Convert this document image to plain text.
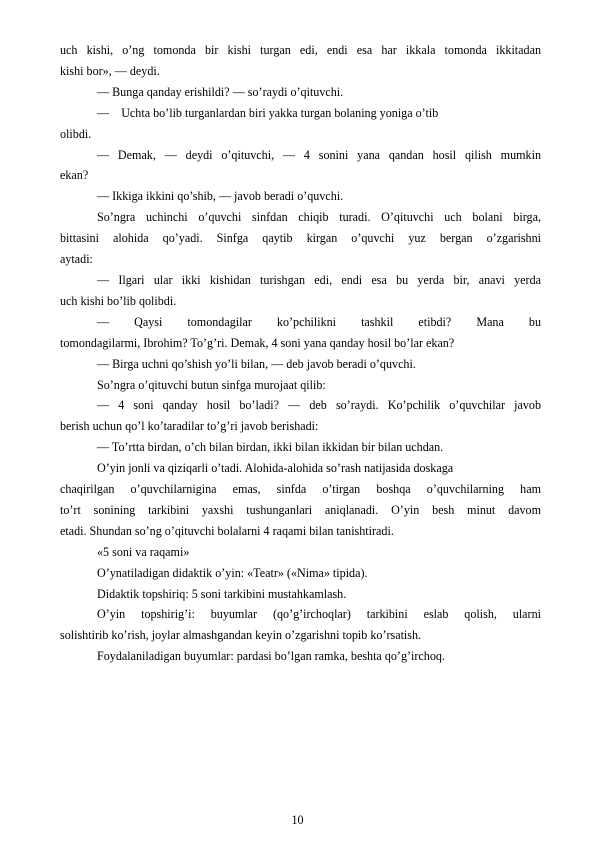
uch kishi, o’ng tomonda bir kishi turgan edi, endi esa har ikkala tomonda ikkitadan
kishi bor», — deydi.
— Bunga qanday erishildi? — so’raydi o’qituvchi.
—    Uchta bo’lib turganlardan biri yakka turgan bolaning yoniga o’tib
olibdi.
— Demak, — deydi o’qituvchi, — 4 sonini yana qandan hosil qilish mumkin
ekan?
— Ikkiga ikkini qo’shib, — javob beradi o’quvchi.
So’ngra uchinchi o’quvchi sinfdan chiqib turadi. O’qituvchi uch bolani birga,
bittasini alohida qo’yadi. Sinfga qaytib kirgan o’quvchi yuz bergan o’zgarishni
aytadi:
— Ilgari ular ikki kishidan turishgan edi, endi esa bu yerda bir, anavi yerda
uch kishi bo’lib qolibdi.
— Qaysi tomondagilar ko’pchilikni tashkil etibdi? Mana bu
tomondagilarmi, Ibrohim? To’g’ri. Demak, 4 soni yana qanday hosil bo’lar ekan?
— Birga uchni qo’shish yo’li bilan, — deb javob beradi o’quvchi.
So’ngra o’qituvchi butun sinfga murojaat qilib:
— 4 soni qanday hosil bo’ladi? — deb so’raydi. Ko’pchilik o’quvchilar javob
berish uchun qo’l ko’taradilar to’g’ri javob berishadi:
— To’rtta birdan, o’ch bilan birdan, ikki bilan ikkidan bir bilan uchdan.
O’yin jonli va qiziqarli o’tadi. Alohida-alohida so’rash natijasida doskaga
chaqirilgan o’quvchilarnigina emas, sinfda o’tirgan boshqa o’quvchilarning ham
to’rt sonining tarkibini yaxshi tushunganlari aniqlanadi. O’yin besh minut davom
etadi. Shundan so’ng o’qituvchi bolalarni 4 raqami bilan tanishtiradi.
«5 soni va raqami»
O’ynatiladigan didaktik o’yin: «Teatr» («Nima» tipida).
Didaktik topshiriq: 5 soni tarkibini mustahkamlash.
O’yin topshirig’i: buyumlar (qo’g’irchoqlar) tarkibini eslab qolish, ularni
solishtirib ko’rish, joylar almashgandan keyin o’zgarishni topib ko’rsatish.
Foydalaniladigan buyumlar: pardasi bo’lgan ramka, beshta qo’g’irchoq.
10
